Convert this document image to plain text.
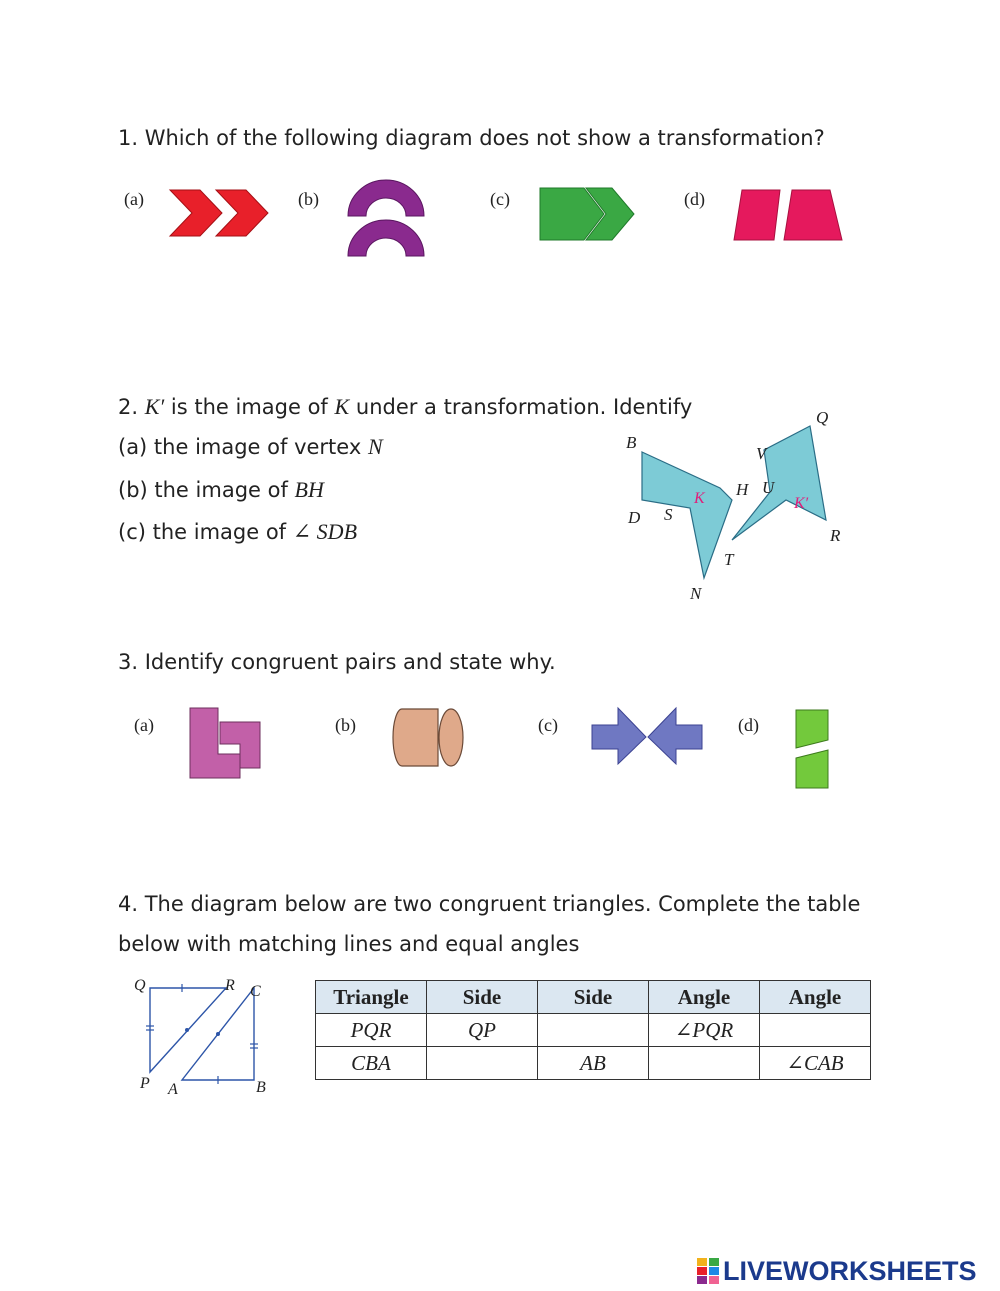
1. Which of the following diagram does not show a transformation?
(a)	(b)	(c)	(d)
2. K′ is the image of K under a transformation. Identify
(a) the image of vertex N
(b) the image of BH
(c) the image of ∠ SDB
B
D S
N
H
K
V
Q
U
K′
R
T
3. Identify congruent pairs and state why.
(a)	(b)	(c)	(d)
4. The diagram below are two congruent triangles. Complete the table
below with matching lines and equal angles
Q	R C
P A	B
Triangle	Side	Side	Angle	Angle
PQR	QP		∠PQR	
CBA		AB		∠CAB
LIVEWORKSHEETS
